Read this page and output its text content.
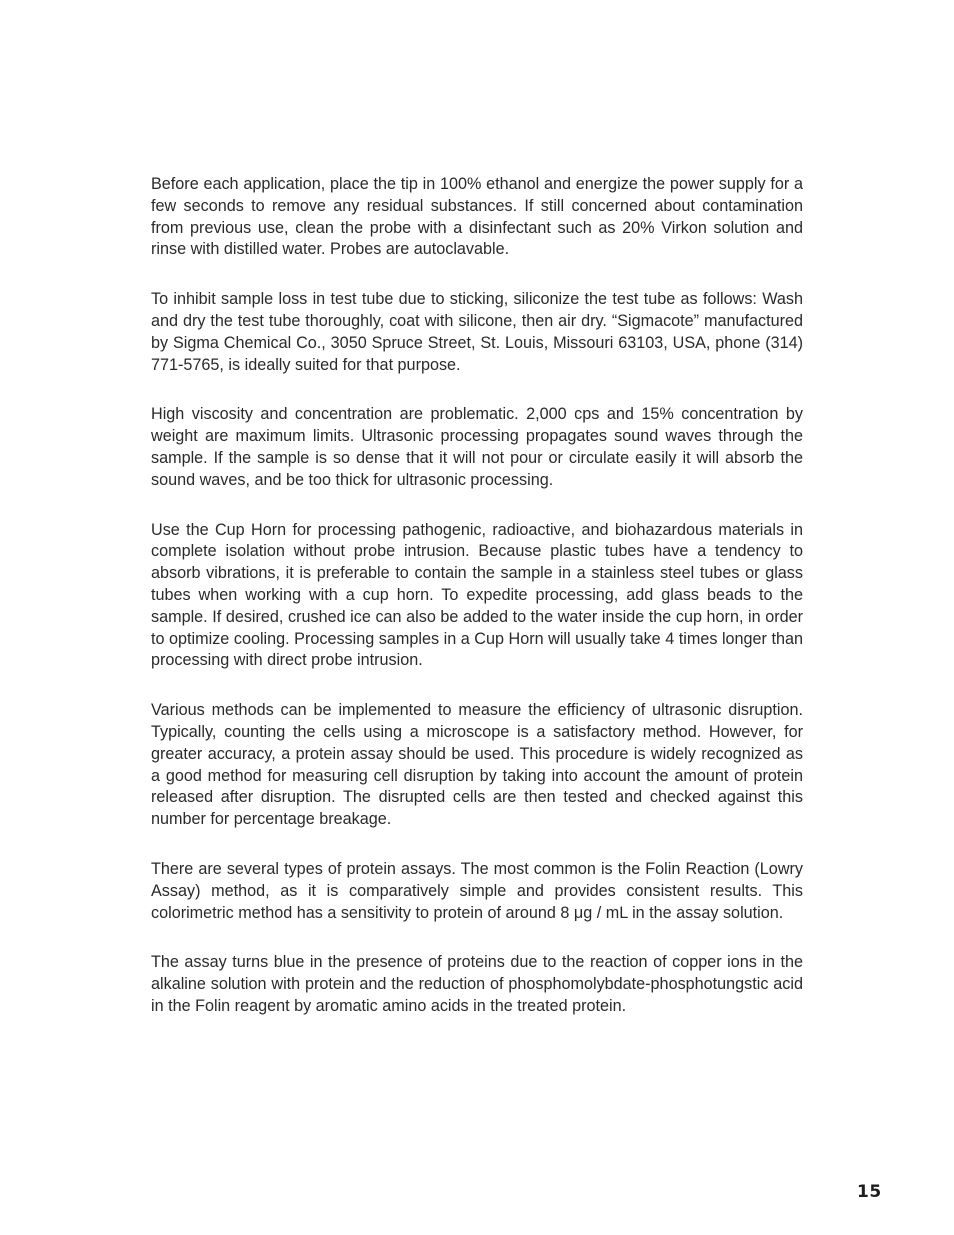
Before each application, place the tip in 100% ethanol and energize the power supply for a few seconds to remove any residual substances. If still concerned about contamination from previous use, clean the probe with a disinfectant such as 20% Virkon solution and rinse with distilled water. Probes are autoclavable.

To inhibit sample loss in test tube due to sticking, siliconize the test tube as follows: Wash and dry the test tube thoroughly, coat with silicone, then air dry. “Sigmacote” manufactured by Sigma Chemical Co., 3050 Spruce Street, St. Louis, Missouri 63103, USA, phone (314) 771-5765, is ideally suited for that purpose.

High viscosity and concentration are problematic. 2,000 cps and 15% concentration by weight are maximum limits. Ultrasonic processing propagates sound waves through the sample. If the sample is so dense that it will not pour or circulate easily it will absorb the sound waves, and be too thick for ultrasonic processing.

Use the Cup Horn for processing pathogenic, radioactive, and biohazardous materials in complete isolation without probe intrusion. Because plastic tubes have a tendency to absorb vibrations, it is preferable to contain the sample in a stainless steel tubes or glass tubes when working with a cup horn. To expedite processing, add glass beads to the sample. If desired, crushed ice can also be added to the water inside the cup horn, in order to optimize cooling. Processing samples in a Cup Horn will usually take 4 times longer than processing with direct probe intrusion.

Various methods can be implemented to measure the efficiency of ultrasonic disruption. Typically, counting the cells using a microscope is a satisfactory method. However, for greater accuracy, a protein assay should be used. This procedure is widely recognized as a good method for measuring cell disruption by taking into account the amount of protein released after disruption. The disrupted cells are then tested and checked against this number for percentage breakage.

There are several types of protein assays. The most common is the Folin Reaction (Lowry Assay) method, as it is comparatively simple and provides consistent results. This colorimetric method has a sensitivity to protein of around 8 μg / mL in the assay solution.

The assay turns blue in the presence of proteins due to the reaction of copper ions in the alkaline solution with protein and the reduction of phosphomolybdate-phosphotungstic acid in the Folin reagent by aromatic amino acids in the treated protein.

15
